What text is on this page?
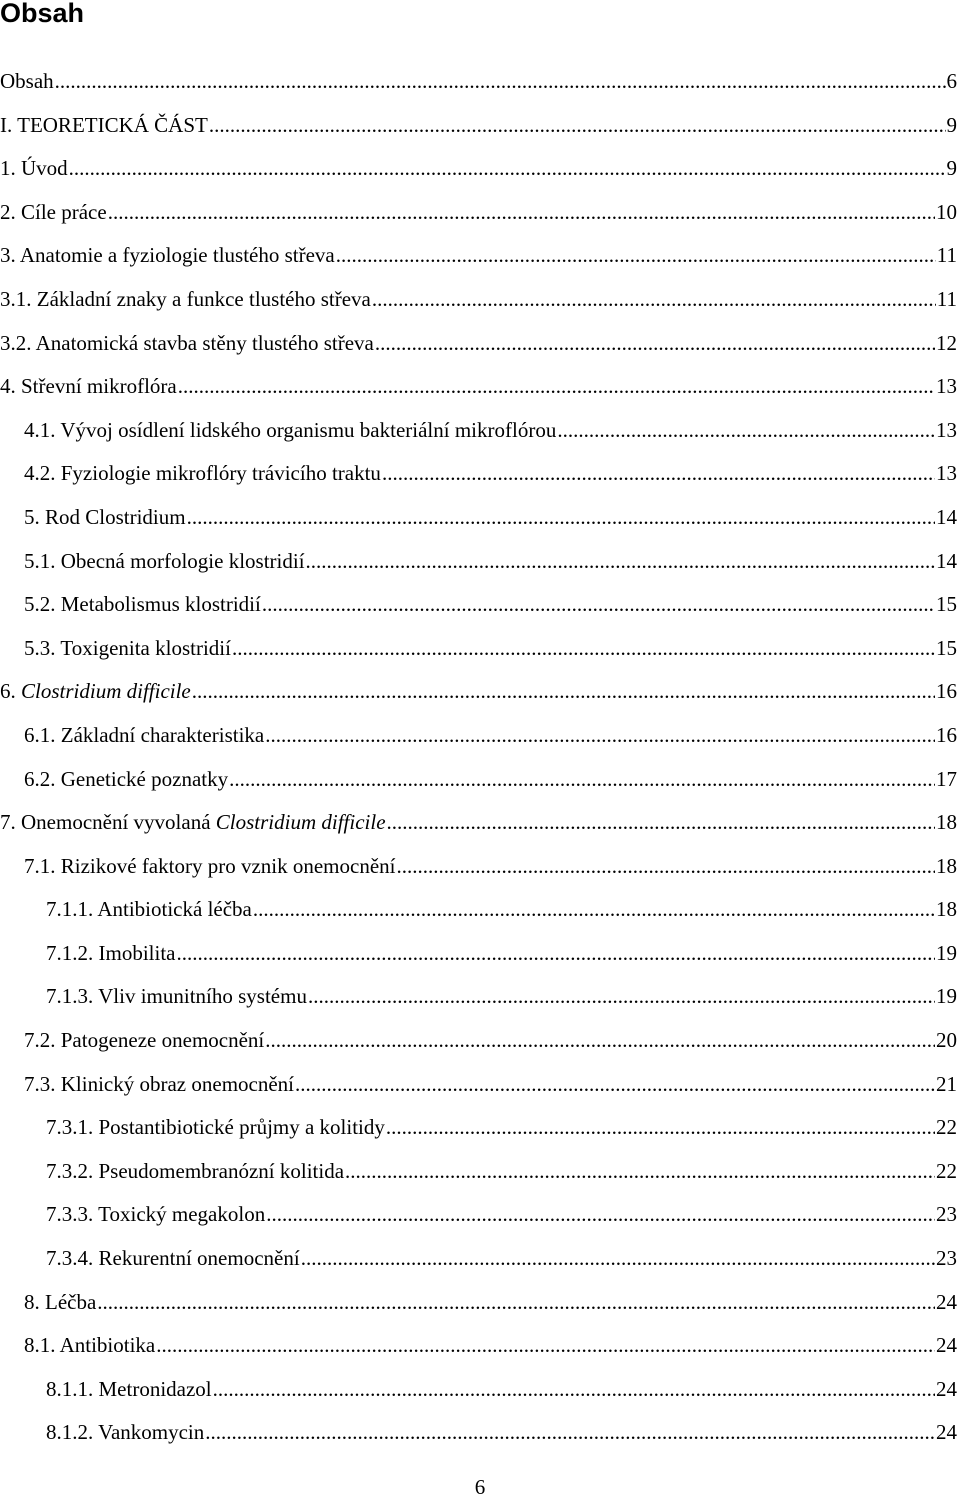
Obsah
Obsah .....	6
I. TEORETICKÁ ČÁST .....	9
1. Úvod .....	9
2. Cíle práce .....	10
3. Anatomie a fyziologie tlustého střeva .....	11
3.1. Základní znaky a funkce tlustého střeva .....	11
3.2. Anatomická stavba stěny tlustého střeva .....	12
4. Střevní mikroflóra .....	13
4.1. Vývoj osídlení lidského organismu bakteriální mikroflórou .....	13
4.2. Fyziologie mikroflóry trávicího traktu .....	13
5. Rod Clostridium .....	14
5.1. Obecná morfologie klostridií .....	14
5.2. Metabolismus klostridií .....	15
5.3. Toxigenita klostridií .....	15
6. Clostridium difficile .....	16
6.1. Základní charakteristika .....	16
6.2. Genetické poznatky .....	17
7. Onemocnění vyvolaná Clostridium difficile .....	18
7.1. Rizikové faktory pro vznik onemocnění .....	18
7.1.1. Antibiotická léčba .....	18
7.1.2. Imobilita .....	19
7.1.3. Vliv imunitního systému .....	19
7.2. Patogeneze onemocnění .....	20
7.3. Klinický obraz onemocnění .....	21
7.3.1. Postantibiotické průjmy a kolitidy .....	22
7.3.2. Pseudomembranózní kolitida .....	22
7.3.3. Toxický megakolon .....	23
7.3.4. Rekurentní onemocnění .....	23
8. Léčba .....	24
8.1. Antibiotika .....	24
8.1.1. Metronidazol .....	24
8.1.2. Vankomycin .....	24
6
